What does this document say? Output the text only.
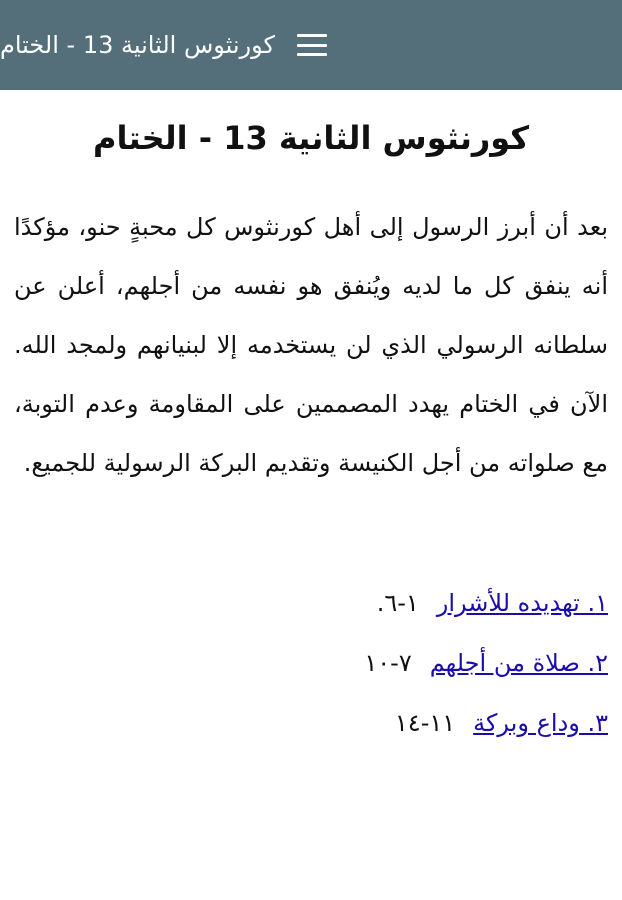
كورنثوس الثانية 13 - الختام
كورنثوس الثانية 13 - الختام

بعد أن أبرز الرسول إلى أهل كورنثوس كل محبةٍ حنو، مؤكدًا أنه ينفق كل ما لديه ويُنفق هو نفسه من أجلهم، أعلن عن سلطانه الرسولي الذي لن يستخدمه إلا لبنيانهم ولمجد الله. الآن في الختام يهدد المصممين على المقاومة وعدم التوبة، مع صلواته من أجل الكنيسة وتقديم البركة الرسولية للجميع.

١. تهديده للأشرار١-٦.
٢. صلاة من أجلهم٧-١٠
٣. وداع وبركة١١-١٤
